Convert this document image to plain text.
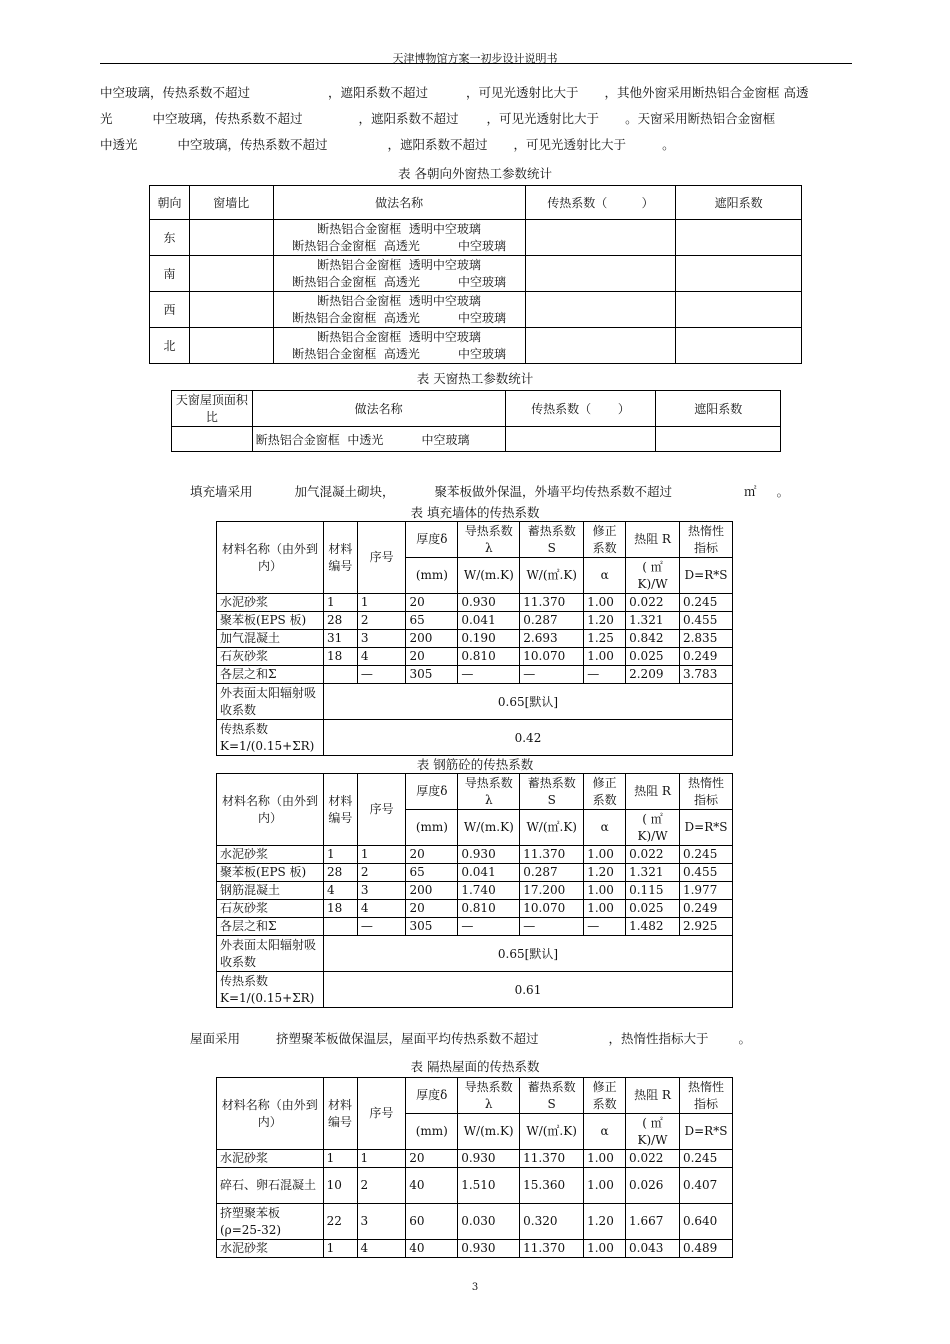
天津博物馆方案一初步设计说明书
中空玻璃，传热系数不超过	，遮阳系数不超过	，可见光透射比大于 ，其他外窗采用断热铝合金窗框 高透
光	中空玻璃，传热系数不超过	，遮阳系数不超过 ，可见光透射比大于 。天窗采用断热铝合金窗框
中透光	中空玻璃，传热系数不超过	，遮阳系数不超过 ，可见光透射比大于	。
表 各朝向外窗热工参数统计
朝向	窗墙比	做法名称	传热系数（         ）	遮阳系数
东		断热铝合金窗框  透明中空玻璃
断热铝合金窗框  高透光          中空玻璃		

南		断热铝合金窗框  透明中空玻璃
断热铝合金窗框  高透光          中空玻璃		

西		断热铝合金窗框  透明中空玻璃
断热铝合金窗框  高透光          中空玻璃		

北		断热铝合金窗框  透明中空玻璃
断热铝合金窗框  高透光          中空玻璃		

表 天窗热工参数统计
天窗屋顶面积比	做法名称	传热系数（       ）	遮阳系数
	断热铝合金窗框  中透光          中空玻璃		
填充墙采用	加气混凝土砌块，	聚苯板做外保温，外墙平均传热系数不超过	㎡ 。
表 填充墙体的传热系数
材料名称（由外到内）	材料编号	序号	厚度δ	导热系数λ	蓄热系数 S	修正系数	热阻 R	热惰性指标
			(mm)	W/(m.K)	W/(㎡.K)	α	( ㎡ K)/W	D=R*S
水泥砂浆	1	1	20	0.930	11.370	1.00	0.022	0.245
聚苯板(EPS 板)	28	2	65	0.041	0.287	1.20	1.321	0.455
加气混凝土	31	3	200	0.190	2.693	1.25	0.842	2.835
石灰砂浆	18	4	20	0.810	10.070	1.00	0.025	0.249
各层之和Σ		—	305	—	—	—	2.209	3.783
外表面太阳辐射吸收系数	0.65[默认]							
传热系数 K=1/(0.15+ΣR)	0.42							
表 钢筋砼的传热系数
材料名称（由外到内）	材料编号	序号	厚度δ	导热系数λ	蓄热系数 S	修正系数	热阻 R	热惰性指标
			(mm)	W/(m.K)	W/(㎡.K)	α	( ㎡ K)/W	D=R*S
水泥砂浆	1	1	20	0.930	11.370	1.00	0.022	0.245
聚苯板(EPS 板)	28	2	65	0.041	0.287	1.20	1.321	0.455
钢筋混凝土	4	3	200	1.740	17.200	1.00	0.115	1.977
石灰砂浆	18	4	20	0.810	10.070	1.00	0.025	0.249
各层之和Σ		—	305	—	—	—	1.482	2.925
外表面太阳辐射吸收系数	0.65[默认]							
传热系数 K=1/(0.15+ΣR)	0.61							
屋面采用	挤塑聚苯板做保温层，屋面平均传热系数不超过	，热惰性指标大于 。
表 隔热屋面的传热系数
材料名称（由外到内）	材料编号	序号	厚度δ	导热系数λ	蓄热系数 S	修正系数	热阻 R	热惰性指标
			(mm)	W/(m.K)	W/(㎡.K)	α	( ㎡ K)/W	D=R*S
水泥砂浆	1	1	20	0.930	11.370	1.00	0.022	0.245
碎石、卵石混凝土	10	2	40	1.510	15.360	1.00	0.026	0.407
挤塑聚苯板(ρ=25-32)	22	3	60	0.030	0.320	1.20	1.667	0.640
水泥砂浆	1	4	40	0.930	11.370	1.00	0.043	0.489
3
